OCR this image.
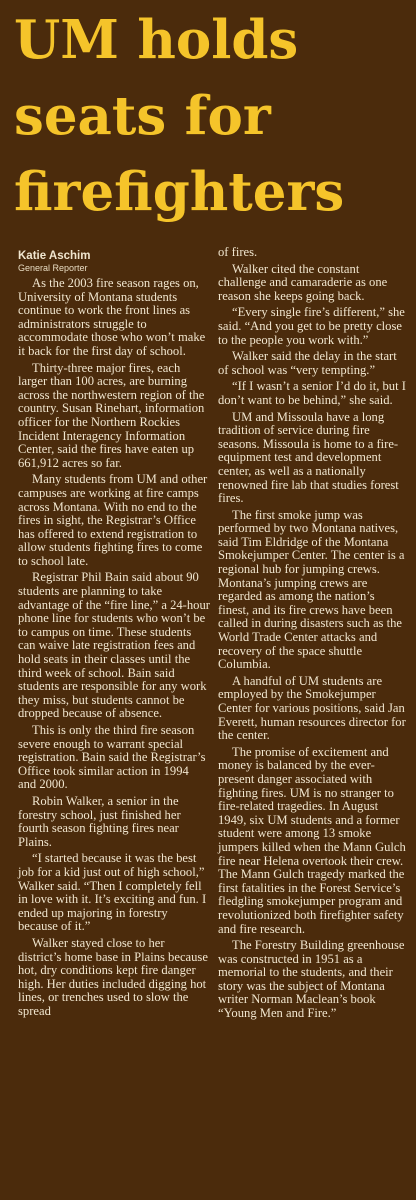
UM holds
seats for
firefighters

Katie Aschim

General Reporter

As the 2003 fire season rages on, University of Montana students continue to work the front lines as administrators struggle to accommodate those who won’t make it back for the first day of school.

Thirty-three major fires, each larger than 100 acres, are burning across the northwestern region of the country. Susan Rinehart, information officer for the Northern Rockies Incident Interagency Information Center, said the fires have eaten up 661,912 acres so far.

Many students from UM and other campuses are working at fire camps across Montana. With no end to the fires in sight, the Registrar’s Office has offered to extend registration to allow students fighting fires to come to school late.

Registrar Phil Bain said about 90 students are planning to take advantage of the “fire line,” a 24-hour phone line for students who won’t be to campus on time. These students can waive late registration fees and hold seats in their classes until the third week of school. Bain said students are responsible for any work they miss, but students cannot be dropped because of absence.

This is only the third fire season severe enough to warrant special registration. Bain said the Registrar’s Office took similar action in 1994 and 2000.

Robin Walker, a senior in the forestry school, just finished her fourth season fighting fires near Plains.

“I started because it was the best job for a kid just out of high school,” Walker said. “Then I completely fell in love with it. It’s exciting and fun. I ended up majoring in forestry because of it.”

Walker stayed close to her district’s home base in Plains because hot, dry conditions kept fire danger high. Her duties included digging hot lines, or trenches used to slow the spread

of fires.

Walker cited the constant challenge and camaraderie as one reason she keeps going back.

“Every single fire’s different,” she said. “And you get to be pretty close to the people you work with.”

Walker said the delay in the start of school was “very tempting.”

“If I wasn’t a senior I’d do it, but I don’t want to be behind,” she said.

UM and Missoula have a long tradition of service during fire seasons. Missoula is home to a fire-equipment test and development center, as well as a nationally renowned fire lab that studies forest fires.

The first smoke jump was performed by two Montana natives, said Tim Eldridge of the Montana Smokejumper Center. The center is a regional hub for jumping crews. Montana’s jumping crews are regarded as among the nation’s finest, and its fire crews have been called in during disasters such as the World Trade Center attacks and recovery of the space shuttle Columbia.

A handful of UM students are employed by the Smokejumper Center for various positions, said Jan Everett, human resources director for the center.

The promise of excitement and money is balanced by the ever-present danger associated with fighting fires. UM is no stranger to fire-related tragedies. In August 1949, six UM students and a former student were among 13 smoke jumpers killed when the Mann Gulch fire near Helena overtook their crew. The Mann Gulch tragedy marked the first fatalities in the Forest Service’s fledgling smokejumper program and revolutionized both firefighter safety and fire research.

The Forestry Building greenhouse was constructed in 1951 as a memorial to the students, and their story was the subject of Montana writer Norman Maclean’s book “Young Men and Fire.”
